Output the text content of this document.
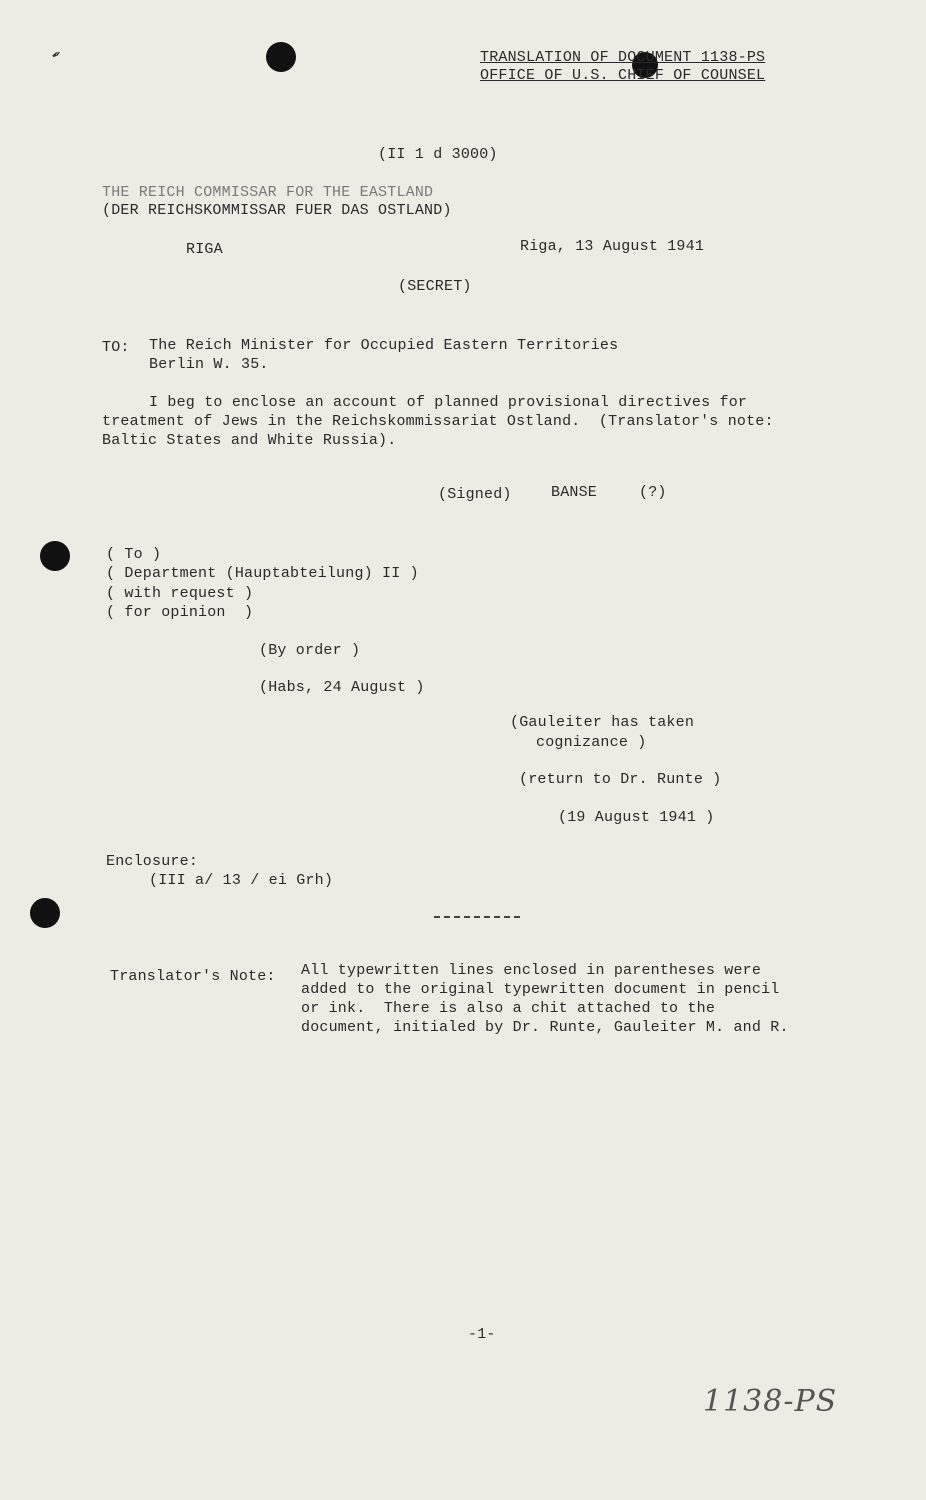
✒	TRANSLATION OF DOCUMENT 1138-PS
OFFICE OF U.S. CHIEF OF COUNSEL
(II 1 d 3000)
THE REICH COMMISSAR FOR THE EASTLAND
(DER REICHSKOMMISSAR FUER DAS OSTLAND)
RIGA	Riga, 13 August 1941
(SECRET)
TO: The Reich Minister for Occupied Eastern Territories
Berlin W. 35.
I beg to enclose an account of planned provisional directives for
treatment of Jews in the Reichskommissariat Ostland.  (Translator's note:
Baltic States and White Russia).
(Signed)	BANSE	(?)
( To )
( Department (Hauptabteilung) II )
( with request )
( for opinion  )
(By order )
(Habs, 24 August )
(Gauleiter has taken
cognizance )
(return to Dr. Runte )
(19 August 1941 )
Enclosure:
(III a/ 13 / ei Grh)
Translator's Note: All typewritten lines enclosed in parentheses were
added to the original typewritten document in pencil
or ink.  There is also a chit attached to the
document, initialed by Dr. Runte, Gauleiter M. and R.
-1-
1138-PS
